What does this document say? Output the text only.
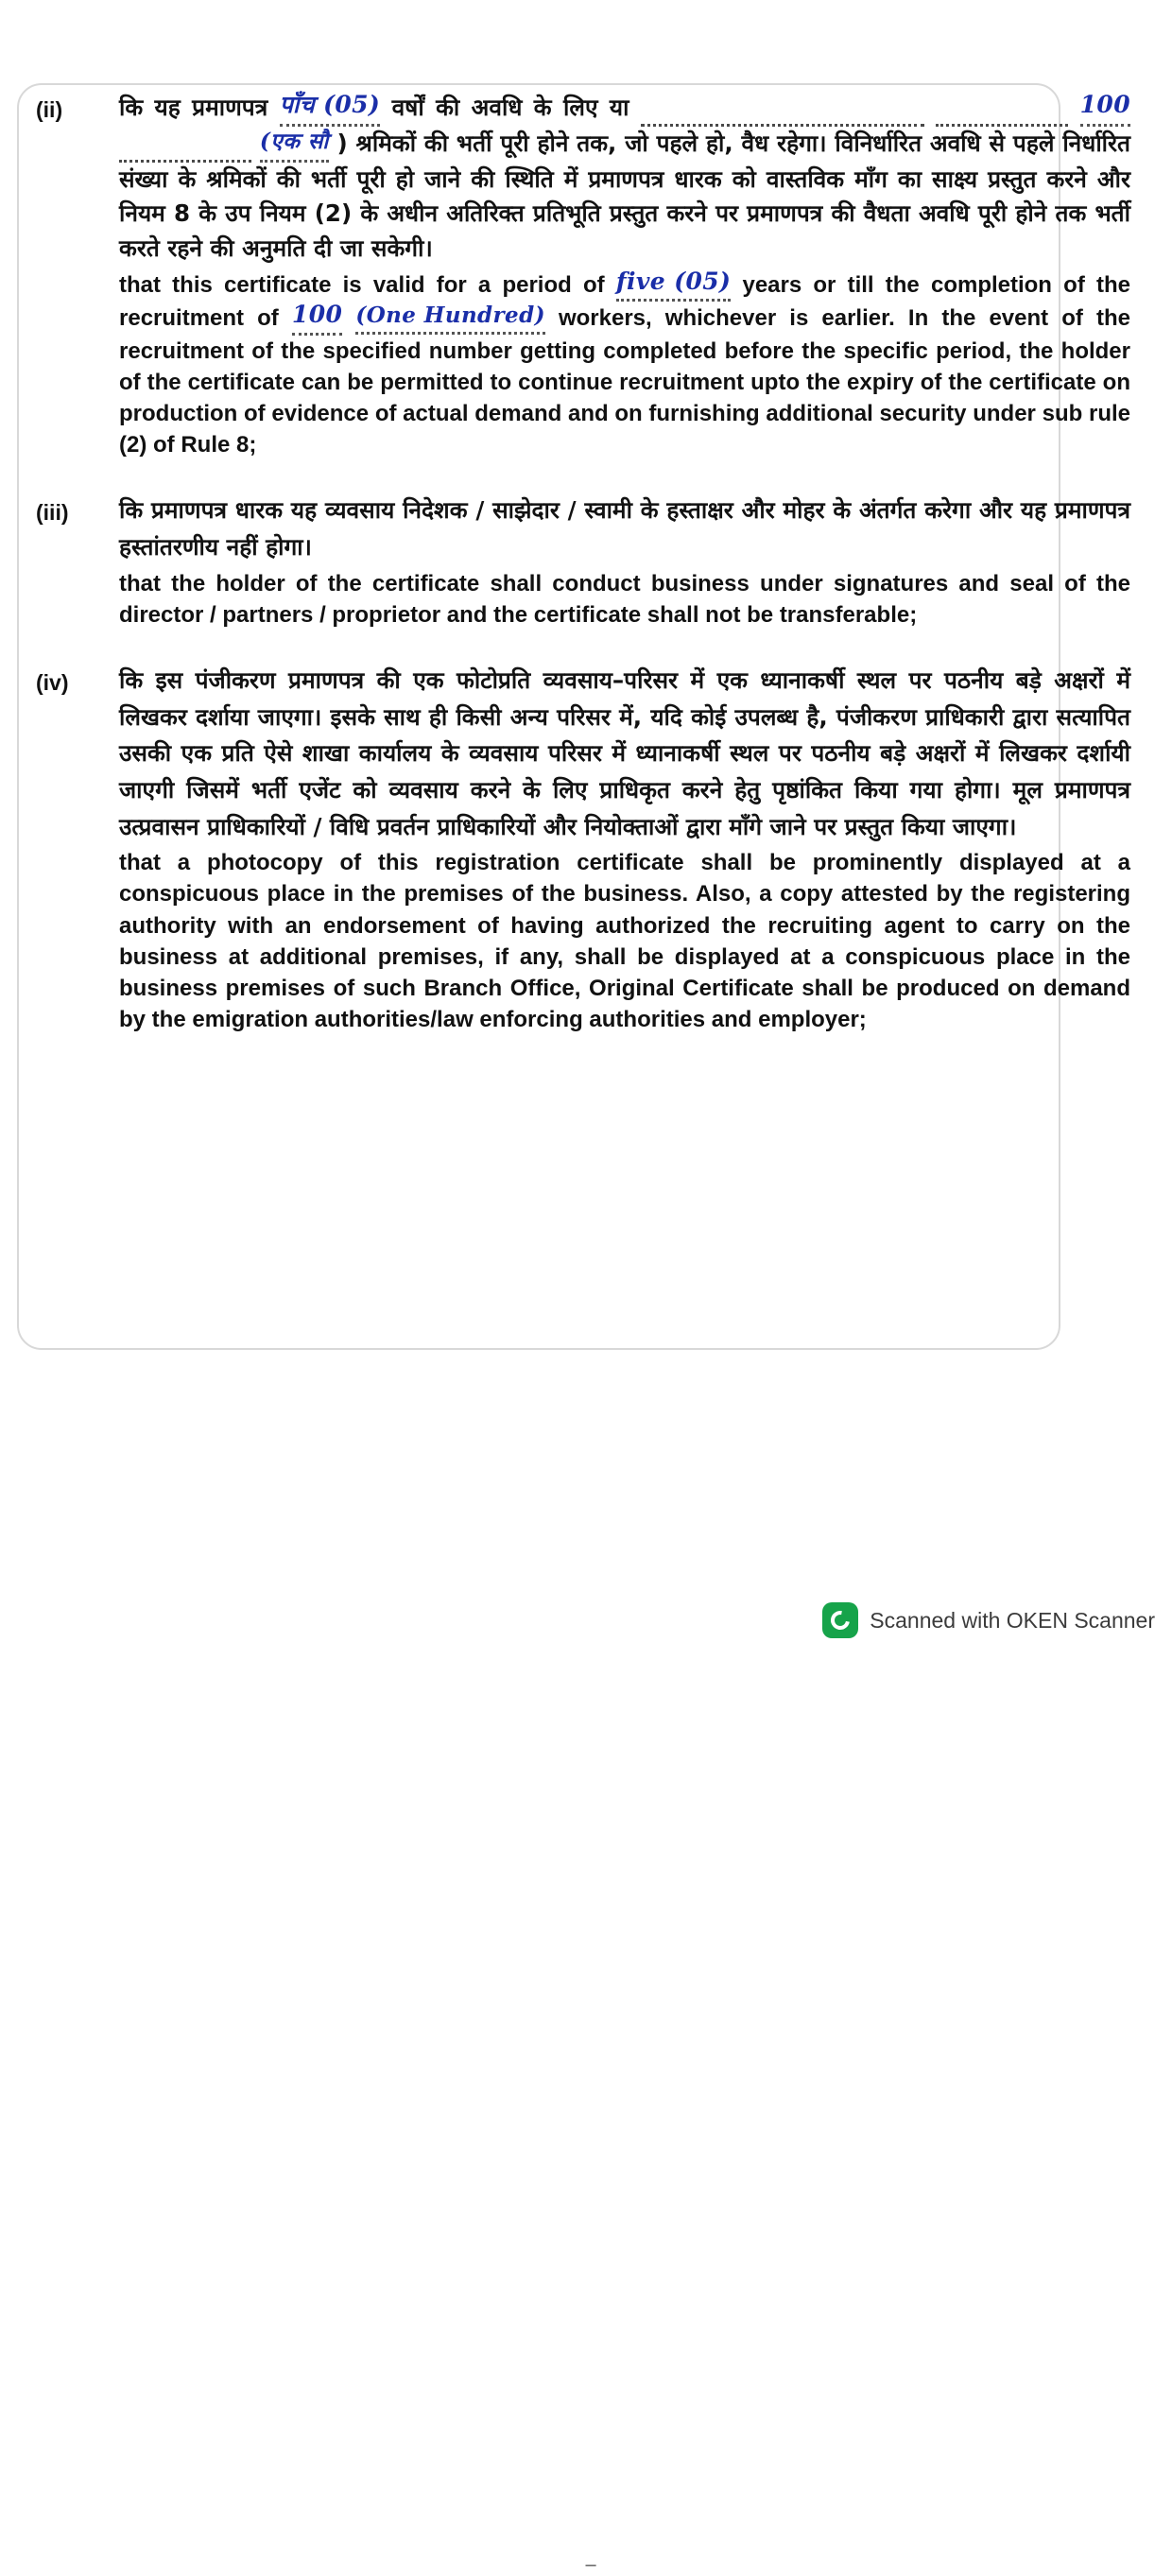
(ii)	कि यह प्रमाणपत्र पाँच (05) वर्षों की अवधि के लिए या	100
(एक सौ ) श्रमिकों की भर्ती पूरी होने तक, जो पहले हो, वैध रहेगा। विनिर्धारित अवधि से पहले निर्धारित संख्या के श्रमिकों की भर्ती पूरी हो जाने की स्थिति में प्रमाणपत्र धारक को वास्तविक माँग का साक्ष्य प्रस्तुत करने और नियम 8 के उप नियम (2) के अधीन अतिरिक्त प्रतिभूति प्रस्तुत करने पर प्रमाणपत्र की वैधता अवधि पूरी होने तक भर्ती करते रहने की अनुमति दी जा सकेगी।
that this certificate is valid for a period of five (05) years or till the completion of the recruitment of 100 (One Hundred) workers, whichever is earlier. In the event of the recruitment of the specified number getting completed before the specific period, the holder of the certificate can be permitted to continue recruitment upto the expiry of the certificate on production of evidence of actual demand and on furnishing additional security under sub rule (2) of Rule 8;
(iii)	कि प्रमाणपत्र धारक यह व्यवसाय निदेशक / साझेदार / स्वामी के हस्ताक्षर और मोहर के अंतर्गत करेगा और यह प्रमाणपत्र हस्तांतरणीय नहीं होगा।
that the holder of the certificate shall conduct business under signatures and seal of the director / partners / proprietor and the certificate shall not be transferable;
(iv)	कि इस पंजीकरण प्रमाणपत्र की एक फोटोप्रति व्यवसाय–परिसर में एक ध्यानाकर्षी स्थल पर पठनीय बड़े अक्षरों में लिखकर दर्शाया जाएगा। इसके साथ ही किसी अन्य परिसर में, यदि कोई उपलब्ध है, पंजीकरण प्राधिकारी द्वारा सत्यापित उसकी एक प्रति ऐसे शाखा कार्यालय के व्यवसाय परिसर में ध्यानाकर्षी स्थल पर पठनीय बड़े अक्षरों में लिखकर दर्शायी जाएगी जिसमें भर्ती एजेंट को व्यवसाय करने के लिए प्राधिकृत करने हेतु पृष्ठांकित किया गया होगा। मूल प्रमाणपत्र उत्प्रवासन प्राधिकारियों / विधि प्रवर्तन प्राधिकारियों और नियोक्ताओं द्वारा माँगे जाने पर प्रस्तुत किया जाएगा।
that a photocopy of this registration certificate shall be prominently displayed at a conspicuous place in the premises of the business. Also, a copy attested by the registering authority with an endorsement of having authorized the recruiting agent to carry on the business at additional premises, if any, shall be displayed at a conspicuous place in the business premises of such Branch Office, Original Certificate shall be produced on demand by the emigration authorities/law enforcing authorities and employer;
–
Scanned with OKEN Scanner
